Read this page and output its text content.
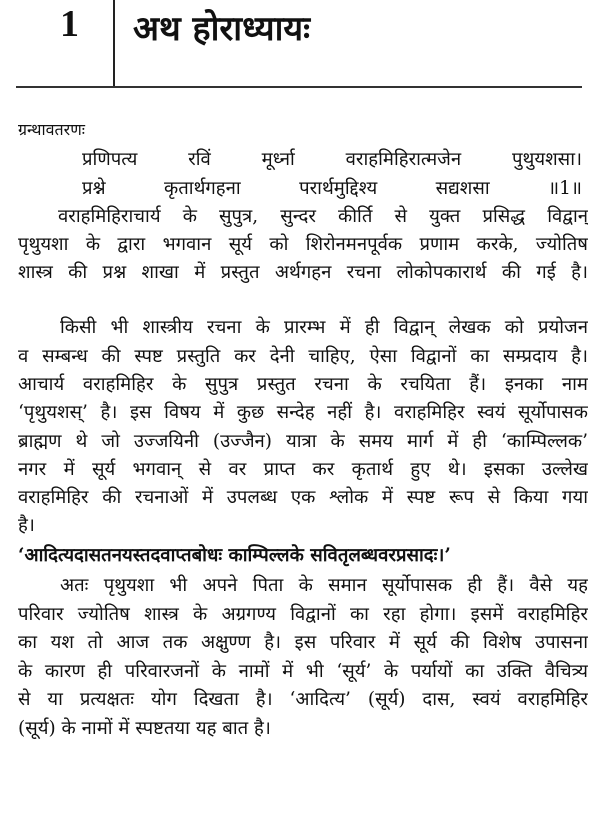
1 अथ होराध्यायः
ग्रन्थावतरणः
प्रणिपत्य रविं मूर्ध्ना वराहमिहिरात्मजेन पुथुयशसा।
प्रश्ने कृतार्थगहना परार्थमुद्दिश्य सद्यशसा ॥1॥
वराहमिहिराचार्य के सुपुत्र, सुन्दर कीर्ति से युक्त प्रसिद्ध विद्वान्
पृथुयशा के द्वारा भगवान सूर्य को शिरोनमनपूर्वक प्रणाम करके, ज्योतिष
शास्त्र की प्रश्न शाखा में प्रस्तुत अर्थगहन रचना लोकोपकारार्थ की गई है।
किसी भी शास्त्रीय रचना के प्रारम्भ में ही विद्वान् लेखक को प्रयोजन
व सम्बन्ध की स्पष्ट प्रस्तुति कर देनी चाहिए, ऐसा विद्वानों का सम्प्रदाय है।
आचार्य वराहमिहिर के सुपुत्र प्रस्तुत रचना के रचयिता हैं। इनका नाम
‘पृथुयशस्’ है। इस विषय में कुछ सन्देह नहीं है। वराहमिहिर स्वयं सूर्योपासक
ब्राह्मण थे जो उज्जयिनी (उज्जैन) यात्रा के समय मार्ग में ही ‘काम्पिल्लक’
नगर में सूर्य भगवान् से वर प्राप्त कर कृतार्थ हुए थे। इसका उल्लेख
वराहमिहिर की रचनाओं में उपलब्ध एक श्लोक में स्पष्ट रूप से किया गया
है।
‘आदित्यदासतनयस्तदवाप्तबोधः काम्पिल्लके सवितृलब्धवरप्रसादः।’
अतः पृथुयशा भी अपने पिता के समान सूर्योपासक ही हैं। वैसे यह
परिवार ज्योतिष शास्त्र के अग्रगण्य विद्वानों का रहा होगा। इसमें वराहमिहिर
का यश तो आज तक अक्षुण्ण है। इस परिवार में सूर्य की विशेष उपासना
के कारण ही परिवारजनों के नामों में भी ‘सूर्य’ के पर्यायों का उक्ति वैचित्र्य
से या प्रत्यक्षतः योग दिखता है। ‘आदित्य’ (सूर्य) दास, स्वयं वराहमिहिर
(सूर्य) के नामों में स्पष्टतया यह बात है।
